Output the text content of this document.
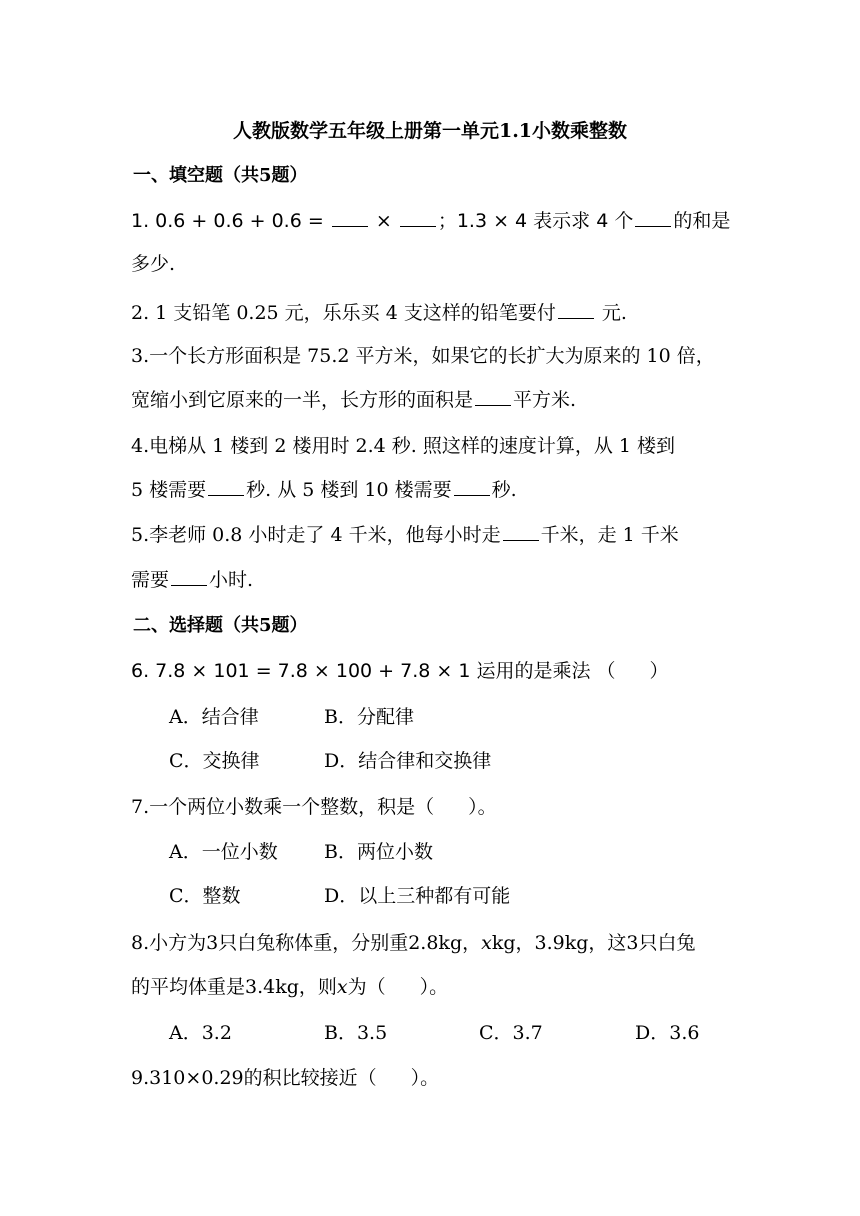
人教版数学五年级上册第一单元1.1小数乘整数
一、填空题（共5题）
1. 0.6 + 0.6 + 0.6 =	× ；1.3 × 4 表示求 4 个 的和是
多少.
2. 1 支铅笔 0.25 元，乐乐买 4 支这样的铅笔要付 元.
3.一个长方形面积是 75.2 平方米，如果它的长扩大为原来的 10 倍，
宽缩小到它原来的一半，长方形的面积是 平方米.
4.电梯从 1 楼到 2 楼用时 2.4 秒. 照这样的速度计算，从 1 楼到
5 楼需要 秒. 从 5 楼到 10 楼需要 秒.
5.李老师 0.8 小时走了 4 千米，他每小时走 千米，走 1 千米
需要 小时.
二、选择题（共5题）
6. 7.8 × 101 = 7.8 × 100 + 7.8 × 1 运用的是乘法 （ ）
A．结合律	B．分配律
C．交换律	D．结合律和交换律
7.一个两位小数乘一个整数，积是（ ）。
A．一位小数 B．两位小数
C．整数	D．以上三种都有可能
8.小方为3只白兔称体重，分别重2.8kg，xkg，3.9kg，这3只白兔
的平均体重是3.4kg，则x为（ ）。
A．3.2	B．3.5	C．3.7	D．3.6
9.310×0.29的积比较接近（ ）。
